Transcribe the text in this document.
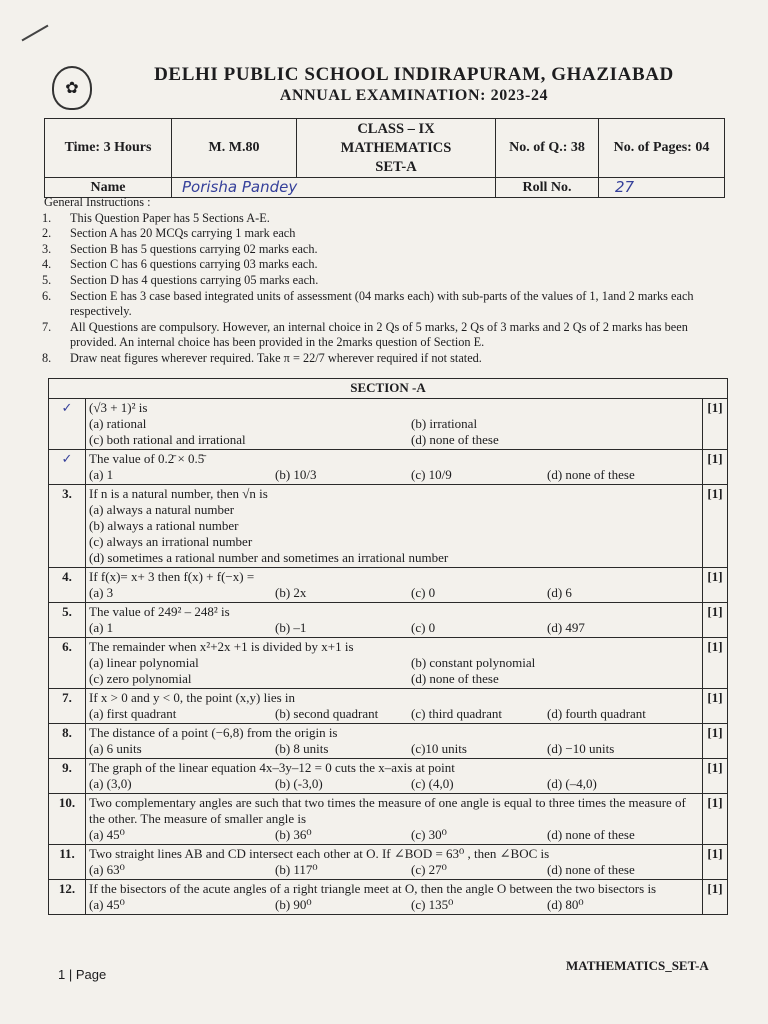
✿
DELHI PUBLIC SCHOOL INDIRAPURAM, GHAZIABAD
ANNUAL EXAMINATION: 2023-24
Time: 3 Hours	M. M.80	CLASS – IX
MATHEMATICS
SET-A	No. of Q.: 38	No. of Pages: 04
Name	Porisha Pandey		Roll No.	27
General Instructions :
1.	This Question Paper has 5 Sections A-E.
2.	Section A has 20 MCQs carrying 1 mark each
3.	Section B has 5 questions carrying 02 marks each.
4.	Section C has 6 questions carrying 03 marks each.
5.	Section D has 4 questions carrying 05 marks each.
6.	Section E has 3 case based integrated units of assessment (04 marks each) with sub-parts of the values of 1, 1and 2 marks each respectively.
7.	All Questions are compulsory. However, an internal choice in 2 Qs of 5 marks, 2 Qs of 3 marks and 2 Qs of 2 marks has been provided. An internal choice has been provided in the 2marks question of Section E.
8.	Draw neat figures wherever required. Take π = 22/7 wherever required if not stated.
SECTION -A		
✓	(√3 + 1)² is
(a) rational (b) irrational
(c) both rational and irrational (d) none of these	[1]
✓	The value of 0.2̄ × 0.5̄
(a) 1 (b) 10/3 (c) 10/9 (d) none of these	[1]
3.	If n is a natural number, then √n is
(a) always a natural number
(b) always a rational number
(c) always an irrational number
(d) sometimes a rational number and sometimes an irrational number	[1]
4.	If f(x)= x+ 3 then f(x) + f(−x) =
(a) 3 (b) 2x (c) 0 (d) 6	[1]
5.	The value of 249² – 248² is
(a) 1 (b) –1 (c) 0 (d) 497	[1]
6.	The remainder when x²+2x +1 is divided by x+1 is
(a) linear polynomial (b) constant polynomial
(c) zero polynomial (d) none of these	[1]
7.	If x > 0 and y < 0, the point (x,y) lies in
(a) first quadrant (b) second quadrant (c) third quadrant (d) fourth quadrant	[1]
8.	The distance of a point (−6,8) from the origin is
(a) 6 units (b) 8 units (c)10 units (d) −10 units	[1]
9.	The graph of the linear equation 4x–3y–12 = 0 cuts the x–axis at point
(a) (3,0) (b) (-3,0) (c) (4,0) (d) (–4,0)	[1]
10.	Two complementary angles are such that two times the measure of one angle is equal to three times the measure of the other. The measure of smaller angle is
(a) 45⁰ (b) 36⁰ (c) 30⁰ (d) none of these	[1]
11.	Two straight lines AB and CD intersect each other at O. If ∠BOD = 63⁰ , then ∠BOC is
(a) 63⁰ (b) 117⁰ (c) 27⁰ (d) none of these	[1]
12.	If the bisectors of the acute angles of a right triangle meet at O, then the angle O between the two bisectors is
(a) 45⁰ (b) 90⁰ (c) 135⁰ (d) 80⁰	[1]
1 | Page
MATHEMATICS_SET-A
